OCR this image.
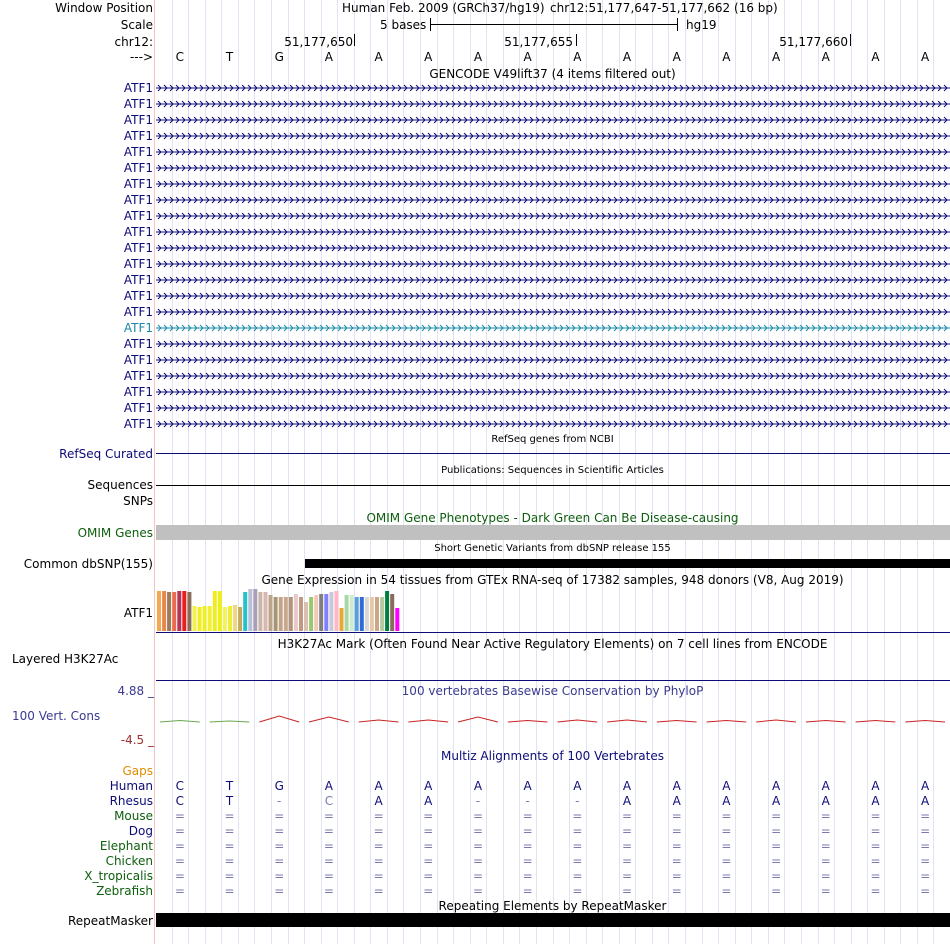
Window Position	Human Feb. 2009 (GRCh37/hg19) chr12:51,177,647-51,177,662 (16 bp)
Scale	5 bases	hg19
chr12:	51,177,650	51,177,655	51,177,660
---> C	T	G	A	A	A	A	A	A	A	A	A	A	A	A	A
GENCODE V49lift37 (4 items filtered out)
ATF1
ATF1
ATF1
ATF1
ATF1
ATF1
ATF1
ATF1
ATF1
ATF1
ATF1
ATF1
ATF1
ATF1
ATF1
ATF1
ATF1
ATF1
ATF1
ATF1
ATF1
ATF1
RefSeq genes from NCBI
RefSeq Curated
Publications: Sequences in Scientific Articles
Sequences
SNPs
OMIM Gene Phenotypes - Dark Green Can Be Disease-causing
OMIM Genes
Short Genetic Variants from dbSNP release 155
Common dbSNP(155)
Gene Expression in 54 tissues from GTEx RNA-seq of 17382 samples, 948 donors (V8, Aug 2019)
ATF1
H3K27Ac Mark (Often Found Near Active Regulatory Elements) on 7 cell lines from ENCODE
Layered H3K27Ac
4.88 _	100 vertebrates Basewise Conservation by PhyloP
100 Vert. Cons
-4.5 _
Multiz Alignments of 100 Vertebrates
Gaps
Human C	T	G	A	A	A	A	A	A	A	A	A	A	A	A	A
Rhesus C	T	-	C	A	A	-	-	-	A	A	A	A	A	A	A
Mouse =	=	=	=	=	=	=	=	=	=	=	=	=	=	=	=
Dog =	=	=	=	=	=	=	=	=	=	=	=	=	=	=	=
Elephant =	=	=	=	=	=	=	=	=	=	=	=	=	=	=	=
Chicken =	=	=	=	=	=	=	=	=	=	=	=	=	=	=	=
X_tropicalis =	=	=	=	=	=	=	=	=	=	=	=	=	=	=	=
Zebrafish =	=	=	=	=	=	=	=	=	=	=	=	=	=	=	=
Repeating Elements by RepeatMasker
RepeatMasker
